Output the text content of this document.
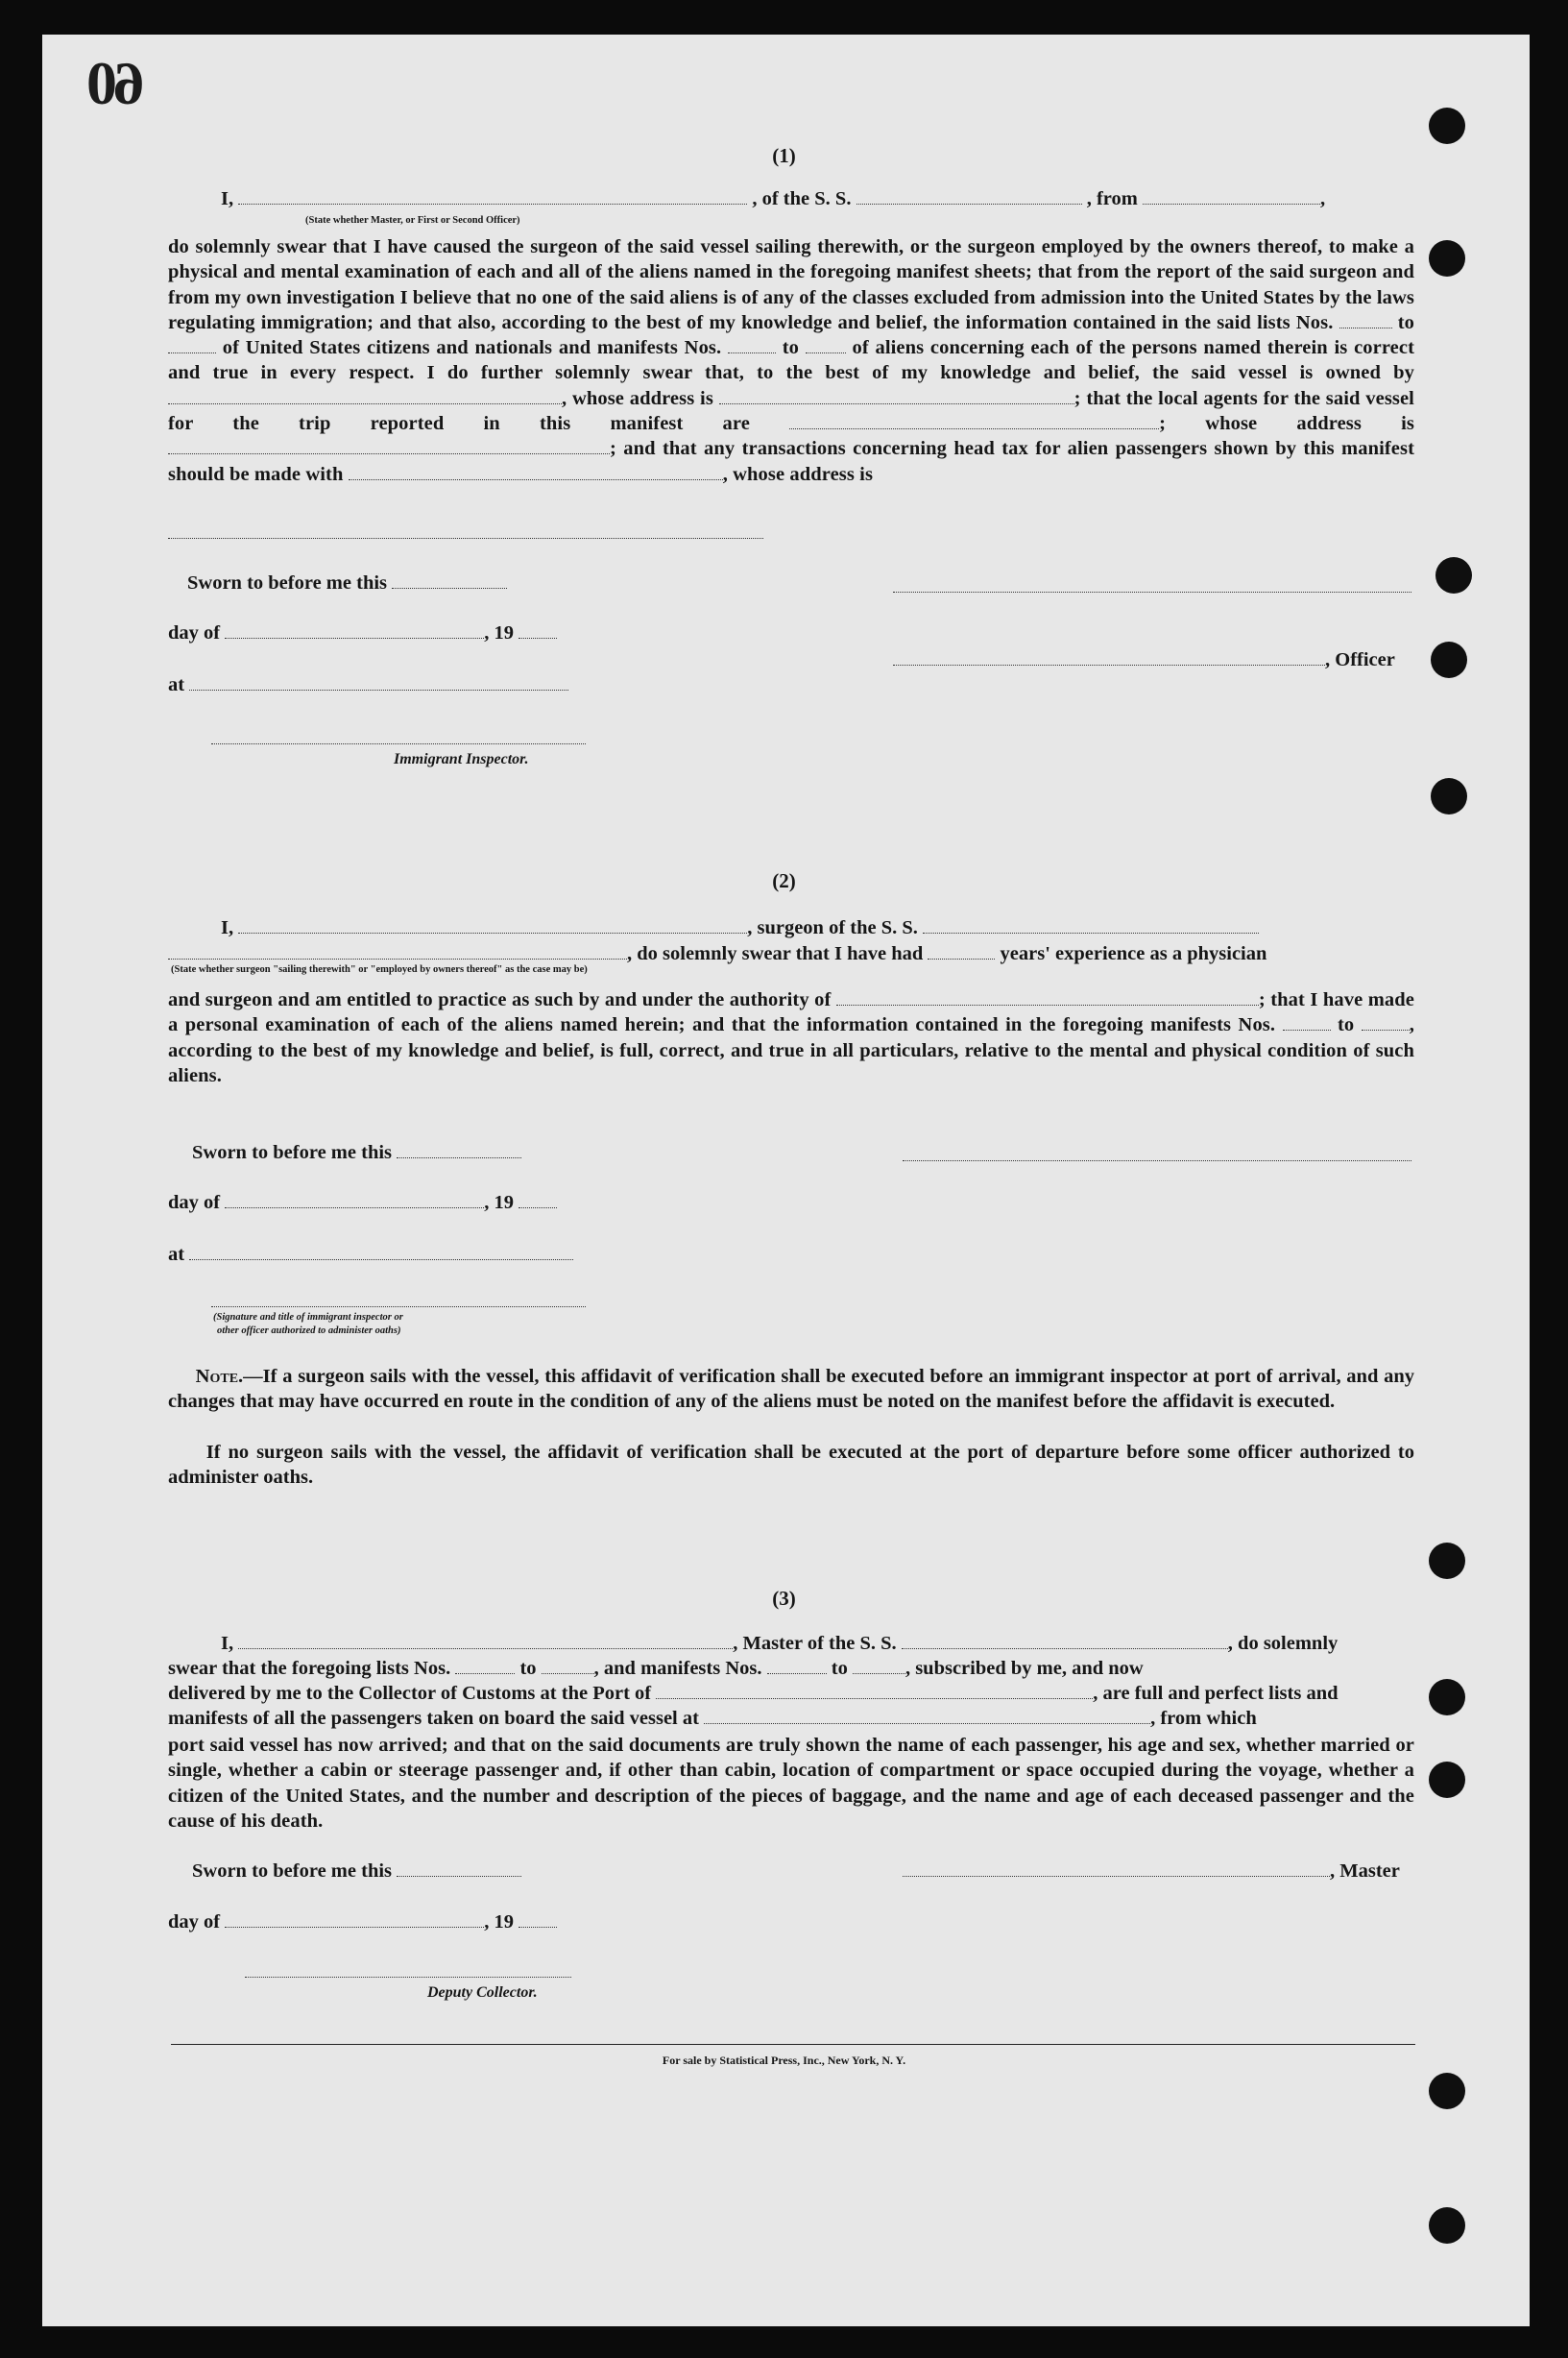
60
(1)
I,	, of the S. S.	, from	,
(State whether Master, or First or Second Officer)
do solemnly swear that I have caused the surgeon of the said vessel sailing therewith, or the surgeon employed by the owners thereof, to make a physical and mental examination of each and all of the aliens named in the foregoing manifest sheets; that from the report of the said surgeon and from my own investigation I believe that no one of the said aliens is of any of the classes excluded from admission into the United States by the laws regulating immigration; and that also, according to the best of my knowledge and belief, the information contained in the said lists Nos.	to  of United States citizens and nationals and manifests Nos.	to	of aliens concerning each of the persons named therein is correct and true in every respect. I do further solemnly swear that, to the best of my knowledge and belief, the said vessel is owned by , whose address is	; that the local agents for the said vessel for the trip reported in this manifest are	; whose address is ; and that any transactions concerning head tax for alien passengers shown by this manifest should be made with	, whose address is
Sworn to before me this
day of	, 19
, Officer
at
Immigrant Inspector.
(2)
I,	, surgeon of the S. S.
, do solemnly swear that I have had	years' experience as a physician
(State whether surgeon "sailing therewith" or "employed by owners thereof" as the case may be)
and surgeon and am entitled to practice as such by and under the authority of	; that I have made a personal examination of each of the aliens named herein; and that the information contained in the foregoing manifests Nos.	to	, according to the best of my knowledge and belief, is full, correct, and true in all particulars, relative to the mental and physical condition of such aliens.
Sworn to before me this
day of	, 19
at
(Signature and title of immigrant inspector or
other officer authorized to administer oaths)
Note.—If a surgeon sails with the vessel, this affidavit of verification shall be executed before an immigrant inspector at port of arrival, and any changes that may have occurred en route in the condition of any of the aliens must be noted on the manifest before the affidavit is executed.
If no surgeon sails with the vessel, the affidavit of verification shall be executed at the port of departure before some officer authorized to administer oaths.
(3)
I,	, Master of the S. S.	, do solemnly
swear that the foregoing lists Nos.	to	, and manifests Nos.	to	, subscribed by me, and now
delivered by me to the Collector of Customs at the Port of	, are full and perfect lists and
manifests of all the passengers taken on board the said vessel at	, from which
port said vessel has now arrived; and that on the said documents are truly shown the name of each passenger, his age and sex, whether married or single, whether a cabin or steerage passenger and, if other than cabin, location of compartment or space occupied during the voyage, whether a citizen of the United States, and the number and description of the pieces of baggage, and the name and age of each deceased passenger and the cause of his death.
Sworn to before me this	, Master
day of	, 19
Deputy Collector.
For sale by Statistical Press, Inc., New York, N. Y.
